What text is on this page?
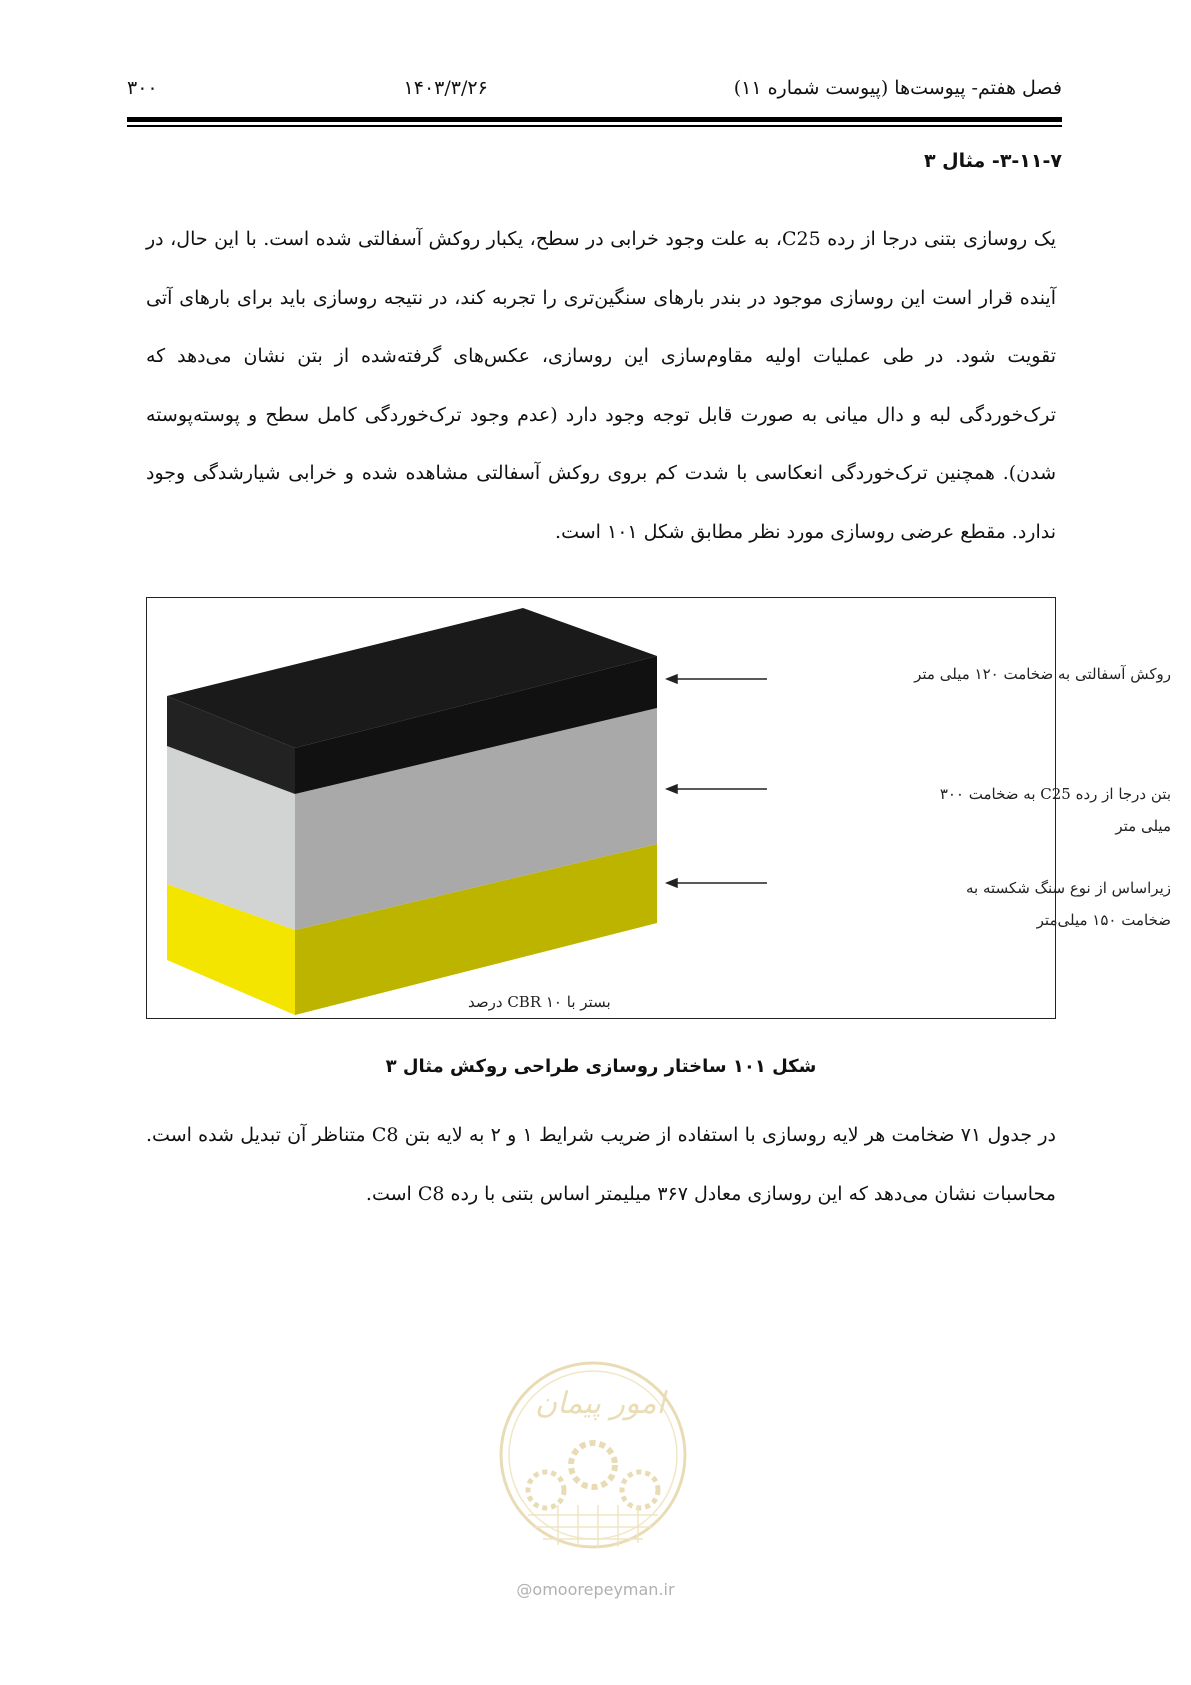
۳۰۰	۱۴۰۳/۳/۲۶	فصل هفتم- پیوست‌ها (پیوست شماره ۱۱)
۳-۱۱-۷- مثال ۳
یک روسازی بتنی درجا از رده C25، به علت وجود خرابی در سطح، یکبار روکش آسفالتی شده است. با این حال، در آینده قرار است این روسازی موجود در بندر بارهای سنگین‌تری را تجربه کند، در نتیجه روسازی باید برای بارهای آتی تقویت شود. در طی عملیات اولیه مقاوم‌سازی این روسازی، عکس‌های گرفته‌شده از بتن نشان می‌دهد که ترک‌خوردگی لبه و دال میانی به صورت قابل توجه وجود دارد (عدم وجود ترک‌خوردگی کامل سطح و پوسته‌پوسته شدن). همچنین ترک‌خوردگی انعکاسی با شدت کم بروی روکش آسفالتی مشاهده شده و خرابی شیارشدگی وجود ندارد. مقطع عرضی روسازی مورد نظر مطابق شکل ۱۰۱ است.
روکش آسفالتی به ضخامت ۱۲۰ میلی متر
بتن درجا از رده C25 به ضخامت ۳۰۰ میلی متر
زیراساس از نوع سنگ شکسته به ضخامت ۱۵۰ میلی‌متر
بستر با CBR ۱۰ درصد
شکل ۱۰۱ ساختار روسازی طراحی روکش مثال ۳
در جدول ۷۱ ضخامت هر لایه روسازی با استفاده از ضریب شرایط ۱ و ۲ به لایه بتن C8 متناظر آن تبدیل شده است. محاسبات نشان می‌دهد که این روسازی معادل ۳۶۷ میلیمتر اساس بتنی با رده C8 است.
امور پیمان
@omoorepeyman.ir
